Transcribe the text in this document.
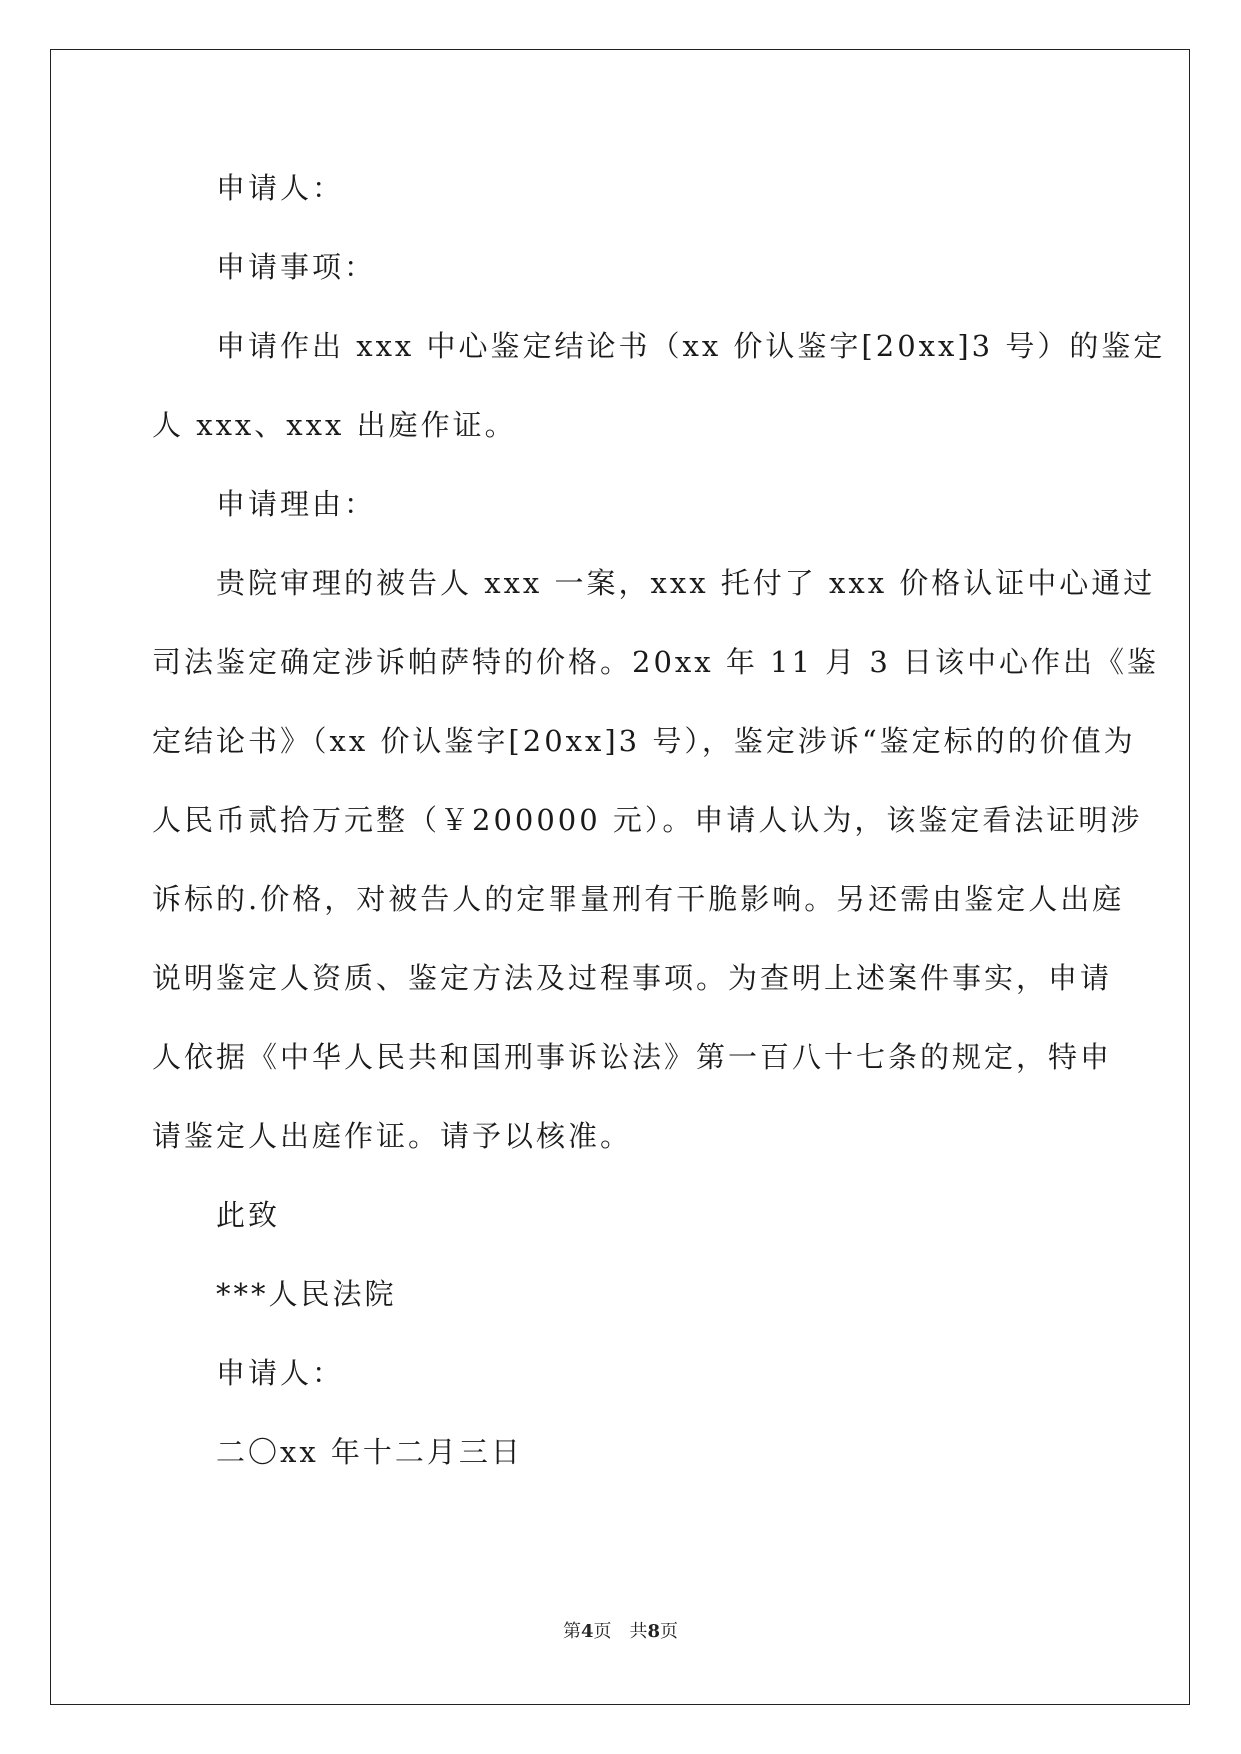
申请人：
申请事项：
申请作出 xxx 中心鉴定结论书（xx 价认鉴字[20xx]3 号）的鉴定
人 xxx、xxx 出庭作证。
申请理由：
贵院审理的被告人 xxx 一案，xxx 托付了 xxx 价格认证中心通过
司法鉴定确定涉诉帕萨特的价格。20xx 年 11 月 3 日该中心作出《鉴
定结论书》（xx 价认鉴字[20xx]3 号），鉴定涉诉“鉴定标的的价值为
人民币贰拾万元整（￥200000 元）。申请人认为，该鉴定看法证明涉
诉标的.价格，对被告人的定罪量刑有干脆影响。另还需由鉴定人出庭
说明鉴定人资质、鉴定方法及过程事项。为查明上述案件事实，申请
人依据《中华人民共和国刑事诉讼法》第一百八十七条的规定，特申
请鉴定人出庭作证。请予以核准。
此致
***人民法院
申请人：
二〇xx 年十二月三日
第4页 共8页
